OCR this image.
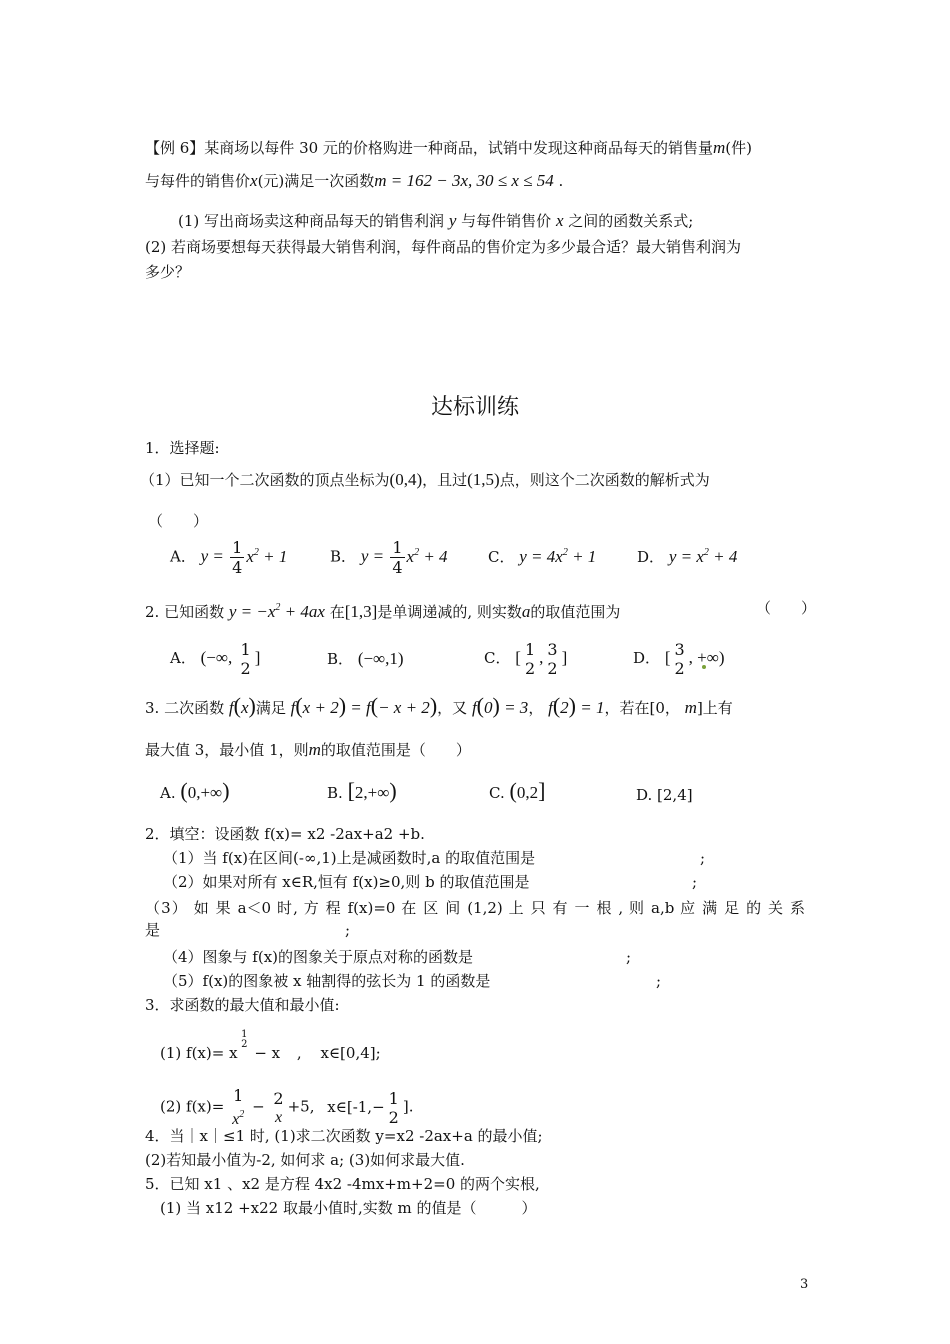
【例 6】某商场以每件 30 元的价格购进一种商品，试销中发现这种商品每天的销售量m(件)
与每件的销售价x(元)满足一次函数m = 162 − 3x, 30 ≤ x ≤ 54 .
(1) 写出商场卖这种商品每天的销售利润 y 与每件销售价 x 之间的函数关系式;
(2) 若商场要想每天获得最大销售利润，每件商品的售价定为多少最合适？最大销售利润为
多少？
达标训练
1．选择题:
（1）已知一个二次函数的顶点坐标为(0,4)，且过(1,5)点，则这个二次函数的解析式为
（　　）
A． $y = \frac{1}{4} x^2 + 1$	B． $y = \frac{1}{4} x^2 + 4$	C． $y = 4x^2 + 1$	D． $y = x^2 + 4$
2. 已知函数 $y = -x^2 + 4ax$ 在[1,3]是单调递减的, 则实数a的取值范围为	（　　）
A． (−∞, 1
2
]	B． (−∞,1)	C． [ 1
2
, 3
2
]	D． [ 3
2
, +∞)
3. 二次函数 f(x)满足 f(x + 2) = f(− x + 2)，又 f(0) = 3， f(2) = 1，若在[0， m]上有
最大值 3，最小值 1，则m的取值范围是（　　）
A. (0,+∞)	B. [2,+∞)	C. (0,2]	D. [2,4]
2．填空：设函数 f(x)= x2 -2ax+a2 +b.
（1）当 f(x)在区间(-∞,1)上是减函数时,a 的取值范围是	;
（2）如果对所有 x∈R,恒有 f(x)≥0,则 b 的取值范围是	;
（3） 如 果 a＜0 时, 方 程 f(x)=0 在 区 间 (1,2) 上 只 有 一 根 , 则 a,b 应 满 足 的 关 系
是	;
（4）图象与 f(x)的图象关于原点对称的函数是	;
（5）f(x)的图象被 x 轴割得的弦长为 1 的函数是	;
3．求函数的最大值和最小值:
(1) f(x)= x
1
2 − x , x∈[0,4];
(2) f(x)=
1
$x^2 - 2$
x
+5, x∈[-1,− 1
2
].
4．当｜x｜≤1 时, (1)求二次函数 y=x2 -2ax+a 的最小值;
(2)若知最小值为-2, 如何求 a; (3)如何求最大值.
5．已知 x1 、x2 是方程 4x2 -4mx+m+2=0 的两个实根,
(1) 当 x12 +x22 取最小值时,实数 m 的值是（　　　）
3
